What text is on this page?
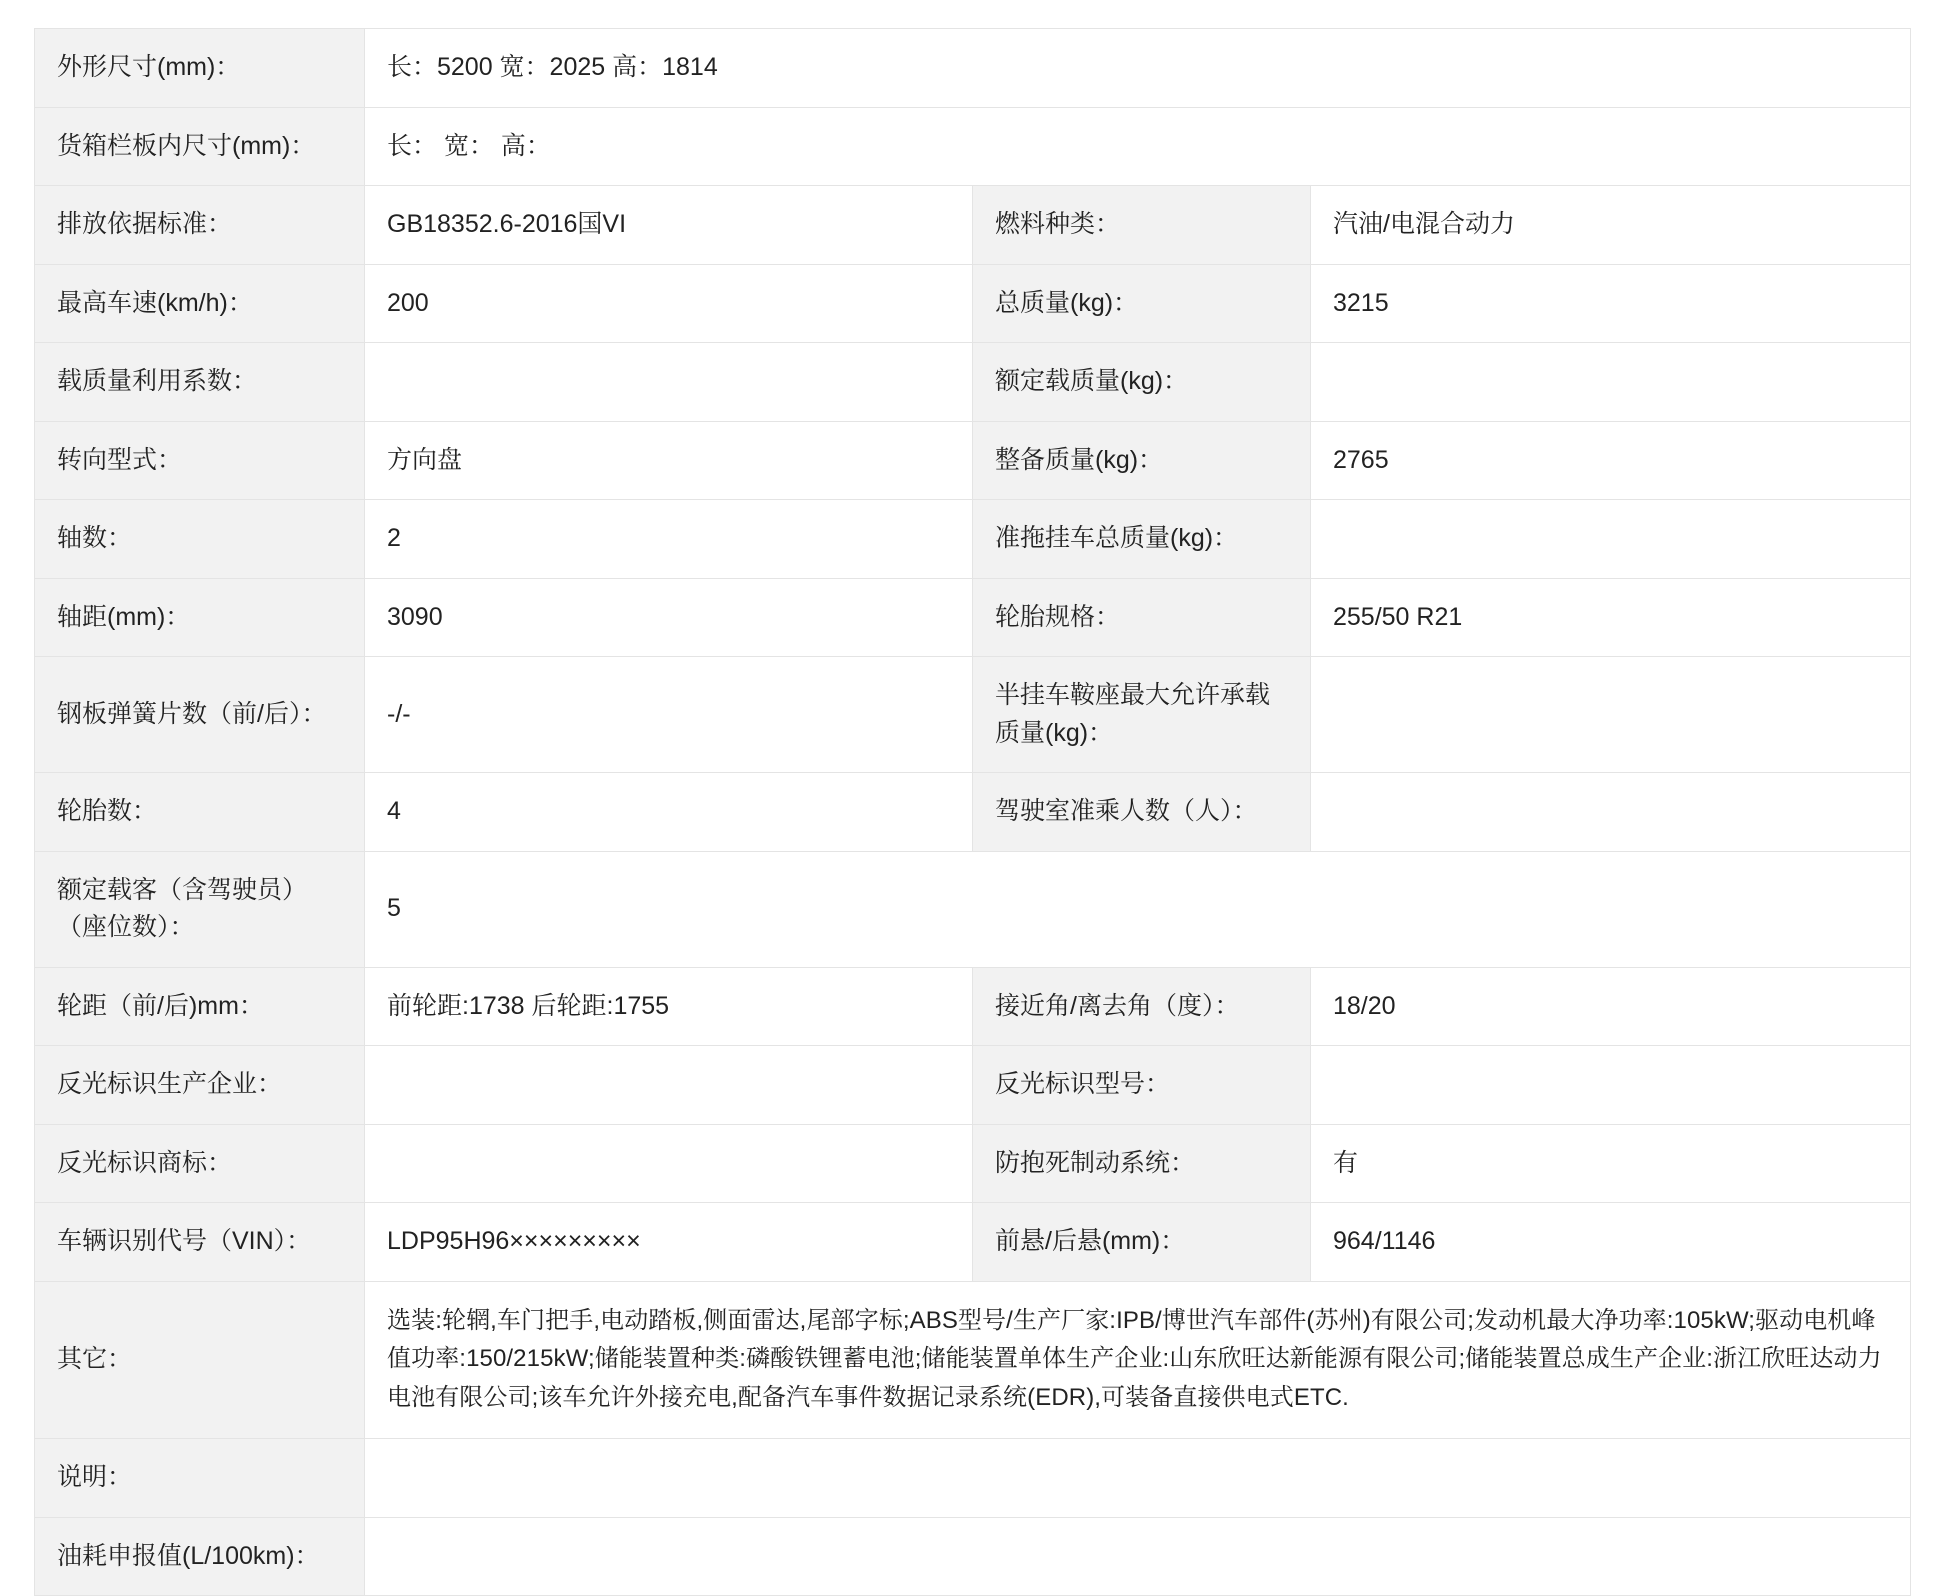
外形尺寸(mm)：	长：5200 宽：2025 高：1814		
货箱栏板内尺寸(mm)：	长： 宽： 高：		
排放依据标准：	GB18352.6-2016国VI	燃料种类：	汽油/电混合动力
最高车速(km/h)：	200	总质量(kg)：	3215
载质量利用系数：		额定载质量(kg)：	
转向型式：	方向盘	整备质量(kg)：	2765
轴数：	2	准拖挂车总质量(kg)：	
轴距(mm)：	3090	轮胎规格：	255/50 R21
钢板弹簧片数（前/后）：	-/-	半挂车鞍座最大允许承载质量(kg)：	
轮胎数：	4	驾驶室准乘人数（人）：	
额定载客（含驾驶员）（座位数）：	5		
轮距（前/后)mm：	前轮距:1738 后轮距:1755	接近角/离去角（度）：	18/20
反光标识生产企业：		反光标识型号：	
反光标识商标：		防抱死制动系统：	有
车辆识别代号（VIN）：	LDP95H96×××××××××	前悬/后悬(mm)：	964/1146
其它：	选装:轮辋,车门把手,电动踏板,侧面雷达,尾部字标;ABS型号/生产厂家:IPB/博世汽车部件(苏州)有限公司;发动机最大净功率:105kW;驱动电机峰值功率:150/215kW;储能装置种类:磷酸铁锂蓄电池;储能装置单体生产企业:山东欣旺达新能源有限公司;储能装置总成生产企业:浙江欣旺达动力电池有限公司;该车允许外接充电,配备汽车事件数据记录系统(EDR),可装备直接供电式ETC.		
说明：			
油耗申报值(L/100km)：			
